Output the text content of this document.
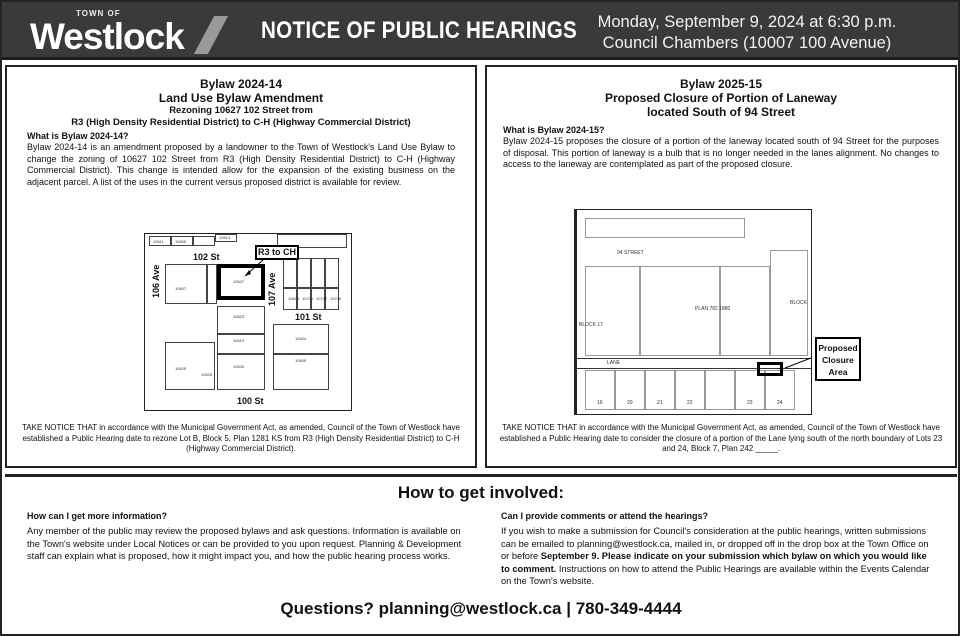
TOWN OF
Westlock	NOTICE OF PUBLIC HEARINGS	Monday, September 9, 2024 at 6:30 p.m.
Council Chambers (10007 100 Avenue)
Bylaw 2024-14
Land Use Bylaw Amendment
Rezoning 10627 102 Street from
R3 (High Density Residential District) to C-H (Highway Commercial District)
What is Bylaw 2024-14?
Bylaw 2024-14 is an amendment proposed by a landowner to the Town of Westlock's Land Use Bylaw to change the zoning of 10627 102 Street from R3 (High Density Residential District) to C-H (Highway Commercial District). This change is intended allow for the expansion of the existing business on the adjacent parcel. A list of the uses in the current versus proposed district is available for review.
10611	10605
10613
102 St
10627
10607
10623
10619
10625
10628
10640
10624 10720 10722 10726
10624
10605
106 Ave	107 Ave
101 St
100 St
R3 to CH
TAKE NOTICE THAT in accordance with the Municipal Government Act, as amended, Council of the Town of Westlock have established a Public Hearing date to rezone Lot B, Block 5, Plan 1281 KS from R3 (High Density Residential District) to C-H (Highway Commercial District).
Bylaw 2025-15
Proposed Closure of Portion of Laneway
located South of 94 Street
What is Bylaw 2024-15?
Bylaw 2024-15 proposes the closure of a portion of the laneway located south of 94 Street for the purposes of disposal. This portion of laneway is a bulb that is no longer needed in the lanes alignment. No changes to access to the laneway are contemplated as part of the proposed closure.
94 STREET
PLAN 782 1880
BLOCK 17
BLOCK
LANE
19	20	21	22	23	24
Proposed Closure Area
TAKE NOTICE THAT in accordance with the Municipal Government Act, as amended, Council of the Town of Westlock have established a Public Hearing date to consider the closure of a portion of the Lane lying south of the north boundary of Lots 23 and 24, Block 7, Plan 242 _____.
How to get involved:
How can I get more information?
Any member of the public may review the proposed bylaws and ask questions. Information is available on the Town's website under Local Notices or can be provided to you upon request. Planning & Development staff can explain what is proposed, how it might impact you, and how the public hearing process works.
Can I provide comments or attend the hearings?
If you wish to make a submission for Council's consideration at the public hearings, written submissions can be emailed to planning@westlock.ca, mailed in, or dropped off in the drop box at the Town Office on or before September 9. Please indicate on your submission which bylaw on which you would like to comment. Instructions on how to attend the Public Hearings are available within the Events Calendar on the Town's website.
Questions? planning@westlock.ca | 780-349-4444
